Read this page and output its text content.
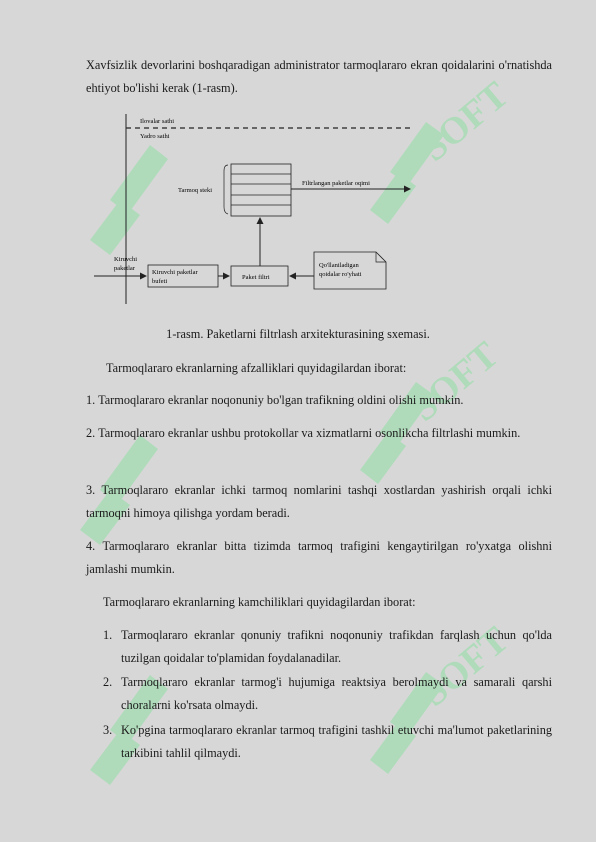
SOFT
SOFT
SOFT
Xavfsizlik devorlarini boshqaradigan administrator tarmoqlararo ekran qoidalarini o'rnatishda ehtiyot bo'lishi kerak (1-rasm).
Ilovalar sathi
Yadro sathi
Tarmoq steki
Filtrlangan paketlar oqimi
Kiruvchi
paketlar
Kiruvchi paketlar
bufeti
Paket filtri
Qo'llaniladigan
qoidalar ro'yhati
1-rasm. Paketlarni filtrlash arxitekturasining sxemasi.
Tarmoqlararo ekranlarning afzalliklari quyidagilardan iborat:
1. Tarmoqlararo ekranlar noqonuniy bo'lgan trafikning oldini olishi mumkin.
2. Tarmoqlararo ekranlar ushbu protokollar va xizmatlarni osonlikcha filtrlashi mumkin.
3. Tarmoqlararo ekranlar ichki tarmoq nomlarini tashqi xostlardan yashirish orqali ichki tarmoqni himoya qilishga yordam beradi.
4. Tarmoqlararo ekranlar bitta tizimda tarmoq trafigini kengaytirilgan ro'yxatga olishni jamlashi mumkin.
Tarmoqlararo ekranlarning kamchiliklari quyidagilardan iborat:
1. Tarmoqlararo ekranlar qonuniy trafikni noqonuniy trafikdan farqlash uchun qo'lda tuzilgan qoidalar to'plamidan foydalanadilar.
2. Tarmoqlararo ekranlar tarmog'i hujumiga reaktsiya berolmaydi va samarali qarshi choralarni ko'rsata olmaydi.
3. Ko'pgina tarmoqlararo ekranlar tarmoq trafigini tashkil etuvchi ma'lumot paketlarining tarkibini tahlil qilmaydi.
